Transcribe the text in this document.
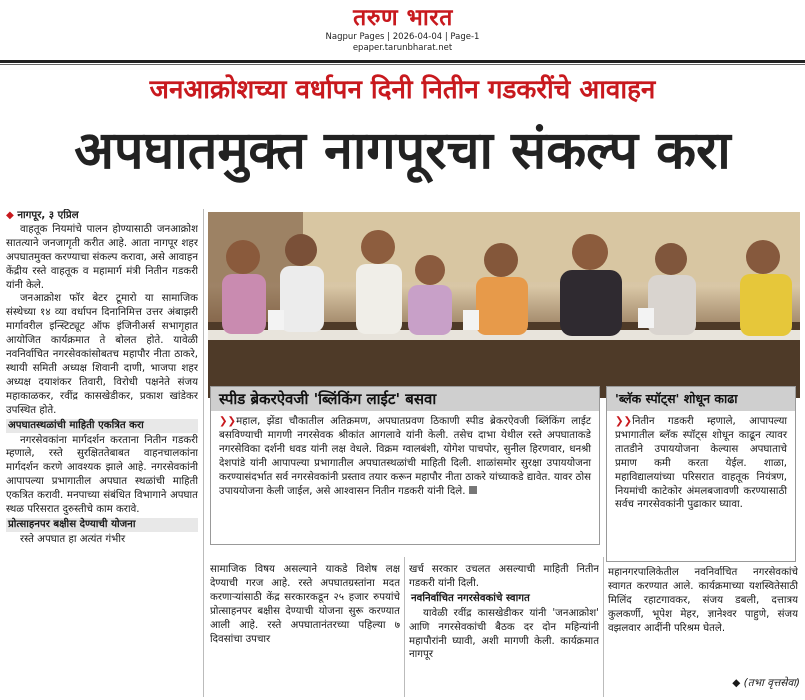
तरुण भारत
Nagpur Pages | 2026-04-04 | Page-1
epaper.tarunbharat.net
जनआक्रोशच्या वर्धापन दिनी नितीन गडकरींचे आवाहन
अपघातमुक्त नागपूरचा संकल्प करा
◆ नागपूर, ३ एप्रिल

वाहतूक नियमांचे पालन होण्यासाठी जनआक्रोश सातत्याने जनजागृती करीत आहे. आता नागपूर शहर अपघातमुक्त करण्याचा संकल्प करावा, असे आवाहन केंद्रीय रस्ते वाहतूक व महामार्ग मंत्री नितीन गडकरी यांनी केले.

जनआक्रोश फॉर बेटर टूमारो या सामाजिक संस्थेच्या १४ व्या वर्धापन दिनानिमित्त उत्तर अंबाझरी मार्गावरील इन्स्टिट्यूट ऑफ इंजिनीअर्स सभागृहात आयोजित कार्यक्रमात ते बोलत होते. यावेळी नवनिर्वाचित नगरसेवकांसोबतच महापौर नीता ठाकरे, स्थायी समिती अध्यक्ष शिवानी दाणी, भाजपा शहर अध्यक्ष दयाशंकर तिवारी, विरोधी पक्षनेते संजय महाकाळकर, रवींद्र कासखेडीकर, प्रकाश खांडेकर उपस्थित होते.

अपघातस्थळांची माहिती एकत्रित करा

नगरसेवकांना मार्गदर्शन करताना नितीन गडकरी म्हणाले, रस्ते सुरक्षिततेबाबत वाहनचालकांना मार्गदर्शन करणे आवश्यक झाले आहे. नगरसेवकांनी आपापल्या प्रभागातील अपघात स्थळांची माहिती एकत्रित करावी. मनपाच्या संबंधित विभागाने अपघात स्थळ परिसरात दुरुस्तीचे काम करावे.

प्रोत्साहनपर बक्षीस देण्याची योजना

रस्ते अपघात हा अत्यंत गंभीर

स्पीड ब्रेकरऐवजी 'ब्लिंकिंग लाईट' बसवा
❯❯महाल, झेंडा चौकातील अतिक्रमण, अपघातप्रवण ठिकाणी स्पीड ब्रेकरऐवजी ब्लिंकिंग लाईट बसविण्याची मागणी नगरसेवक श्रीकांत आगलावे यांनी केली. तसेच दाभा येथील रस्ते अपघाताकडे नगरसेविका दर्शनी धवड यांनी लक्ष वेधले. विक्रम ग्वालबंशी, योगेश पाचपोर, सुनील हिरणवार, धनश्री देशपांडे यांनी आपापल्या प्रभागातील अपघातस्थळांची माहिती दिली. शाळांसमोर सुरक्षा उपाययोजना करण्यासंदर्भात सर्व नगरसेवकांनी प्रस्ताव तयार करून महापौर नीता ठाकरे यांच्याकडे द्यावेत. यावर ठोस उपाययोजना केली जाईल, असे आश्वासन नितीन गडकरी यांनी दिले.
'ब्लॅक स्पॉट्स' शोधून काढा
❯❯नितीन गडकरी म्हणाले, आपापल्या प्रभागातील ब्लॅक स्पॉट्स शोधून काढून त्यावर तातडीने उपाययोजना केल्यास अपघाताचे प्रमाण कमी करता येईल. शाळा, महाविद्यालयांच्या परिसरात वाहतूक नियंत्रण, नियमांची काटेकोर अंमलबजावणी करण्यासाठी सर्वच नगरसेवकांनी पुढाकार घ्यावा.

सामाजिक विषय असल्याने याकडे विशेष लक्ष देण्याची गरज आहे. रस्ते अपघातग्रस्तांना मदत करणाऱ्यांसाठी केंद्र सरकारकडून २५ हजार रुपयांचे प्रोत्साहनपर बक्षीस देण्याची योजना सुरू करण्यात आली आहे. रस्ते अपघातानंतरच्या पहिल्या ७ दिवसांचा उपचार

खर्च सरकार उचलत असल्याची माहिती नितीन गडकरी यांनी दिली.

नवनिर्वाचित नगरसेवकांचे स्वागत

यावेळी रवींद्र कासखेडीकर यांनी 'जनआक्रोश' आणि नगरसेवकांची बैठक दर दोन महिन्यांनी महापौरांनी घ्यावी, अशी मागणी केली. कार्यक्रमात नागपूर

महानगरपालिकेतील नवनिर्वाचित नगरसेवकांचे स्वागत करण्यात आले. कार्यक्रमाच्या यशस्वितेसाठी मिलिंद रहाटगावकर, संजय डबली, दत्तात्रय कुलकर्णी, भूपेश मेहर, ज्ञानेश्वर पाहुणे, संजय वझलवार आदींनी परिश्रम घेतले.

◆ (तभा वृत्तसेवा)
